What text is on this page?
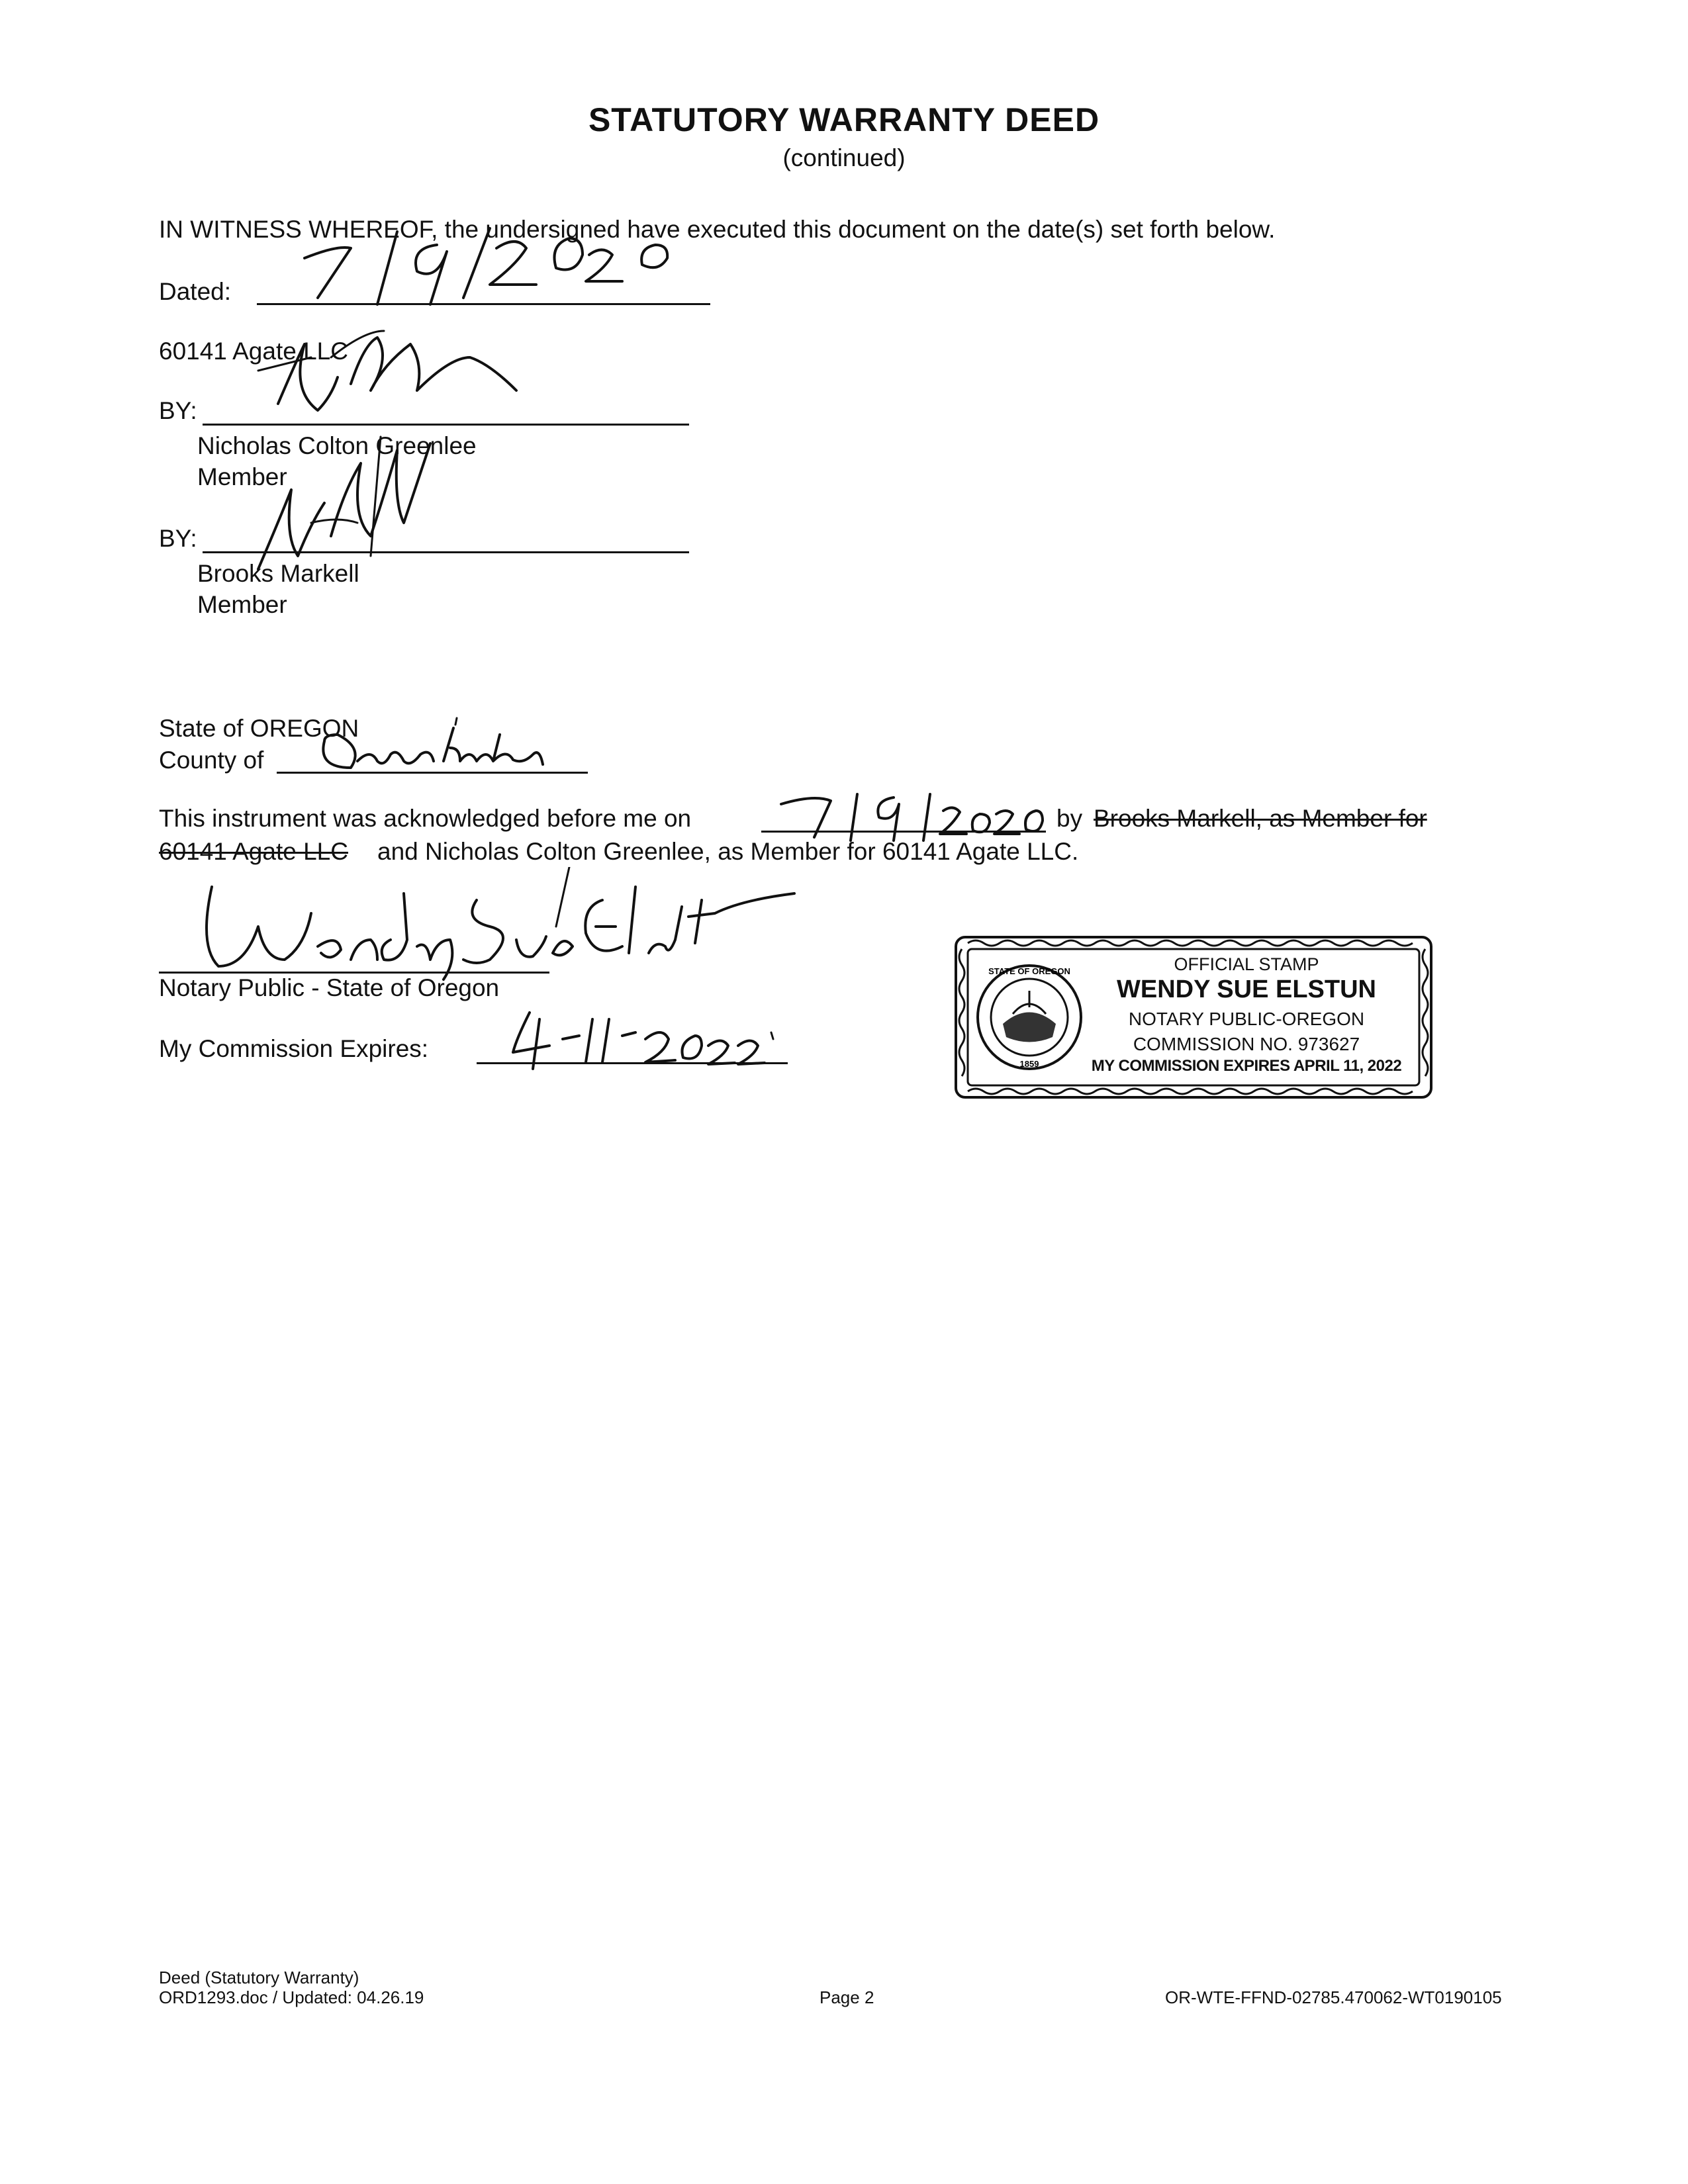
STATUTORY WARRANTY DEED
(continued)
IN WITNESS WHEREOF, the undersigned have executed this document on the date(s) set forth below.
Dated:
60141 Agate LLC
BY:
Nicholas Colton Greenlee
Member
BY:
Brooks Markell
Member
State of OREGON
County of
This instrument was acknowledged before me on	by Brooks Markell, as Member for
60141 Agate LLC and Nicholas Colton Greenlee, as Member for 60141 Agate LLC.
Notary Public - State of Oregon
My Commission Expires:
STATE OF OREGON
1859
OFFICIAL STAMP
WENDY SUE ELSTUN
NOTARY PUBLIC-OREGON
COMMISSION NO. 973627
MY COMMISSION EXPIRES APRIL 11, 2022
Deed (Statutory Warranty)
ORD1293.doc / Updated: 04.26.19	Page 2	OR-WTE-FFND-02785.470062-WT0190105
